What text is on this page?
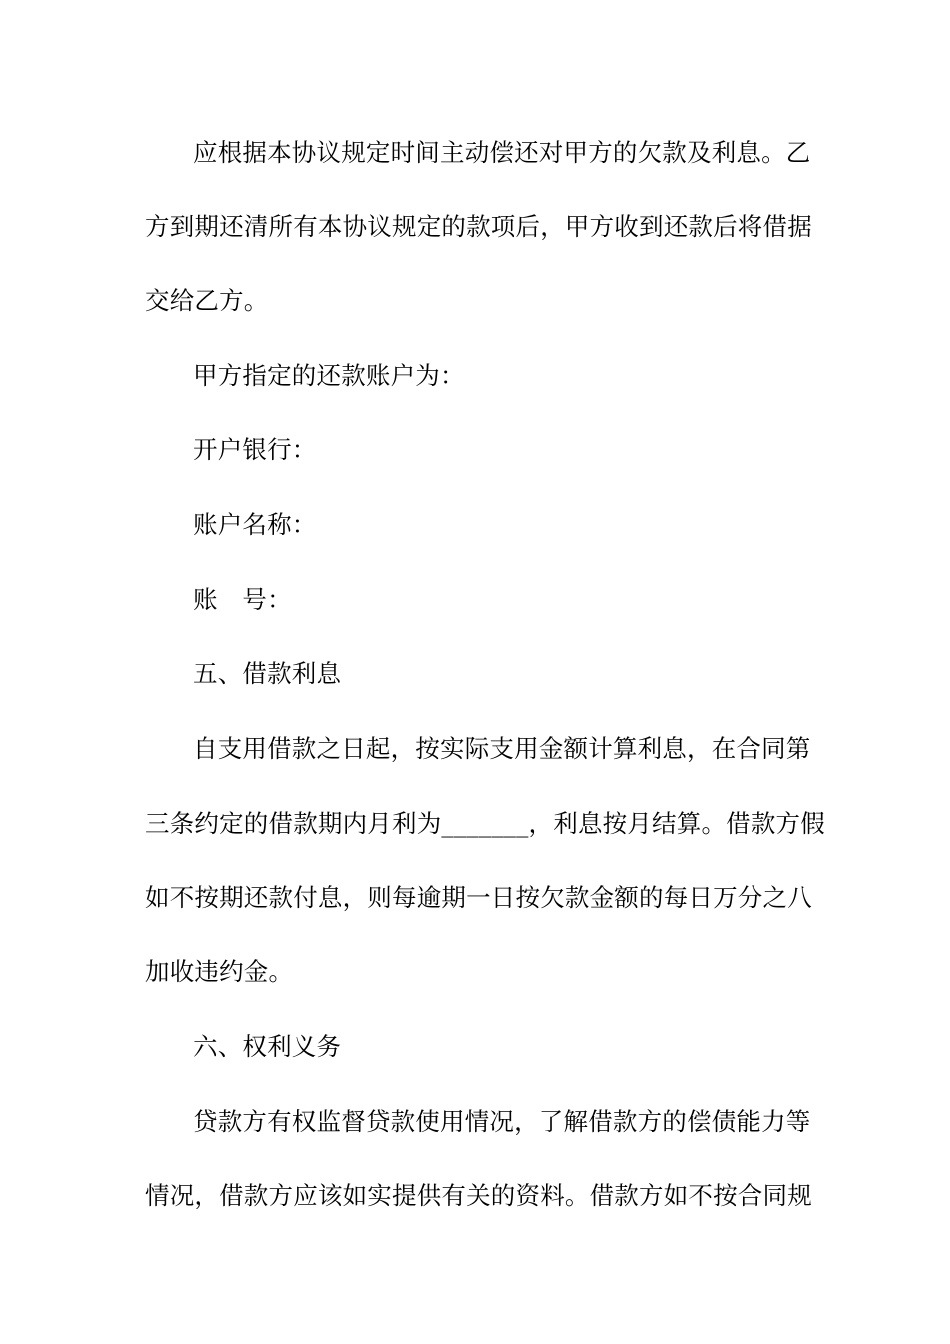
应根据本协议规定时间主动偿还对甲方的欠款及利息。乙
方到期还清所有本协议规定的款项后，甲方收到还款后将借据
交给乙方。
甲方指定的还款账户为：
开户银行：
账户名称：
账　号：
五、借款利息
自支用借款之日起，按实际支用金额计算利息，在合同第
三条约定的借款期内月利为_______，利息按月结算。借款方假
如不按期还款付息，则每逾期一日按欠款金额的每日万分之八
加收违约金。
六、权利义务
贷款方有权监督贷款使用情况，了解借款方的偿债能力等
情况，借款方应该如实提供有关的资料。借款方如不按合同规
